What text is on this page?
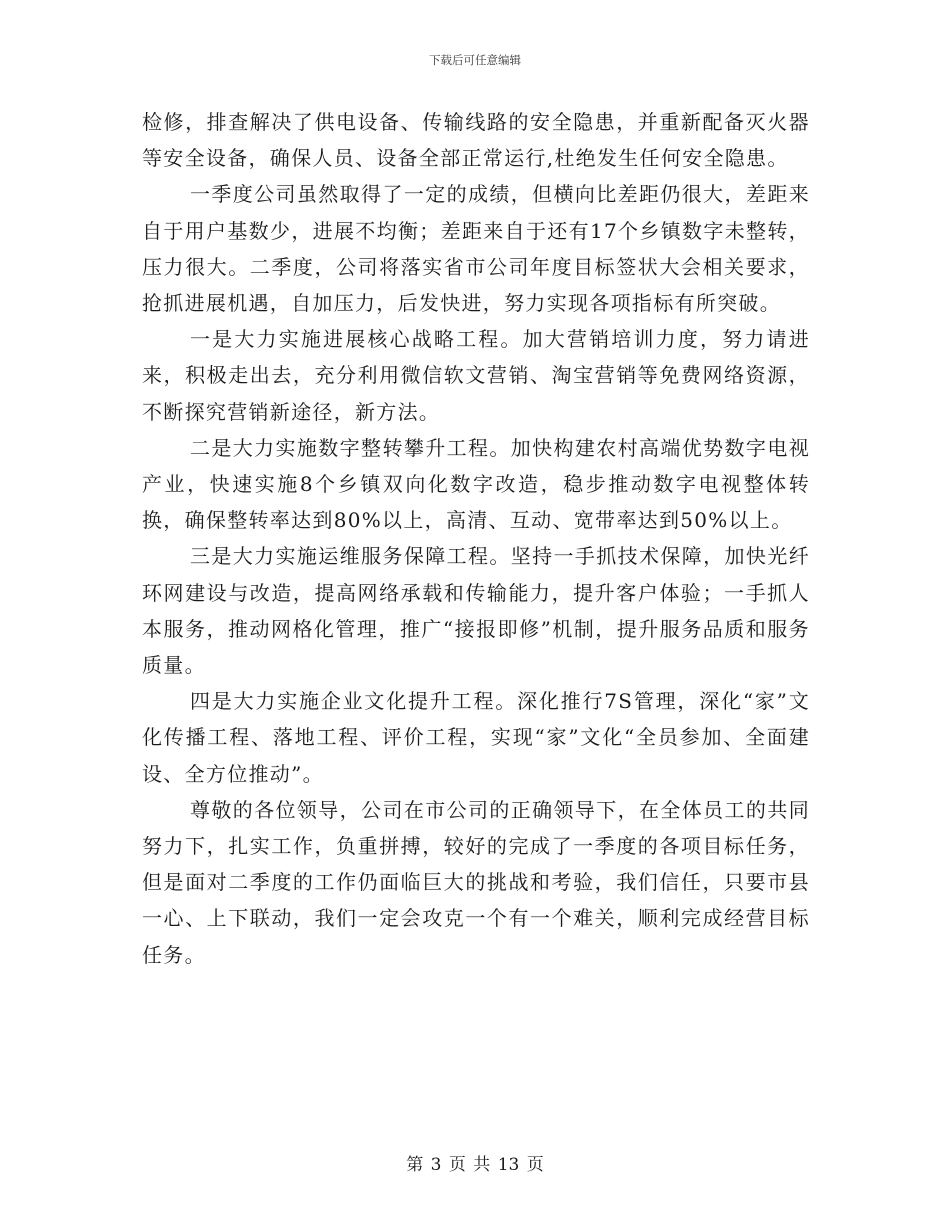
下载后可任意编辑

检修，排查解决了供电设备、传输线路的安全隐患，并重新配备灭火器等安全设备，确保人员、设备全部正常运行,杜绝发生任何安全隐患。

一季度公司虽然取得了一定的成绩，但横向比差距仍很大，差距来自于用户基数少，进展不均衡；差距来自于还有17个乡镇数字未整转，压力很大。二季度，公司将落实省市公司年度目标签状大会相关要求，抢抓进展机遇，自加压力，后发快进，努力实现各项指标有所突破。

一是大力实施进展核心战略工程。加大营销培训力度，努力请进来，积极走出去，充分利用微信软文营销、淘宝营销等免费网络资源，不断探究营销新途径，新方法。

二是大力实施数字整转攀升工程。加快构建农村高端优势数字电视产业，快速实施8个乡镇双向化数字改造，稳步推动数字电视整体转换，确保整转率达到80%以上，高清、互动、宽带率达到50%以上。

三是大力实施运维服务保障工程。坚持一手抓技术保障，加快光纤环网建设与改造，提高网络承载和传输能力，提升客户体验；一手抓人本服务，推动网格化管理，推广“接报即修”机制，提升服务品质和服务质量。

四是大力实施企业文化提升工程。深化推行7S管理，深化“家”文化传播工程、落地工程、评价工程，实现“家”文化“全员参加、全面建设、全方位推动”。

尊敬的各位领导，公司在市公司的正确领导下，在全体员工的共同努力下，扎实工作，负重拼搏，较好的完成了一季度的各项目标任务，但是面对二季度的工作仍面临巨大的挑战和考验，我们信任，只要市县一心、上下联动，我们一定会攻克一个有一个难关，顺利完成经营目标任务。

第 3 页 共 13 页
